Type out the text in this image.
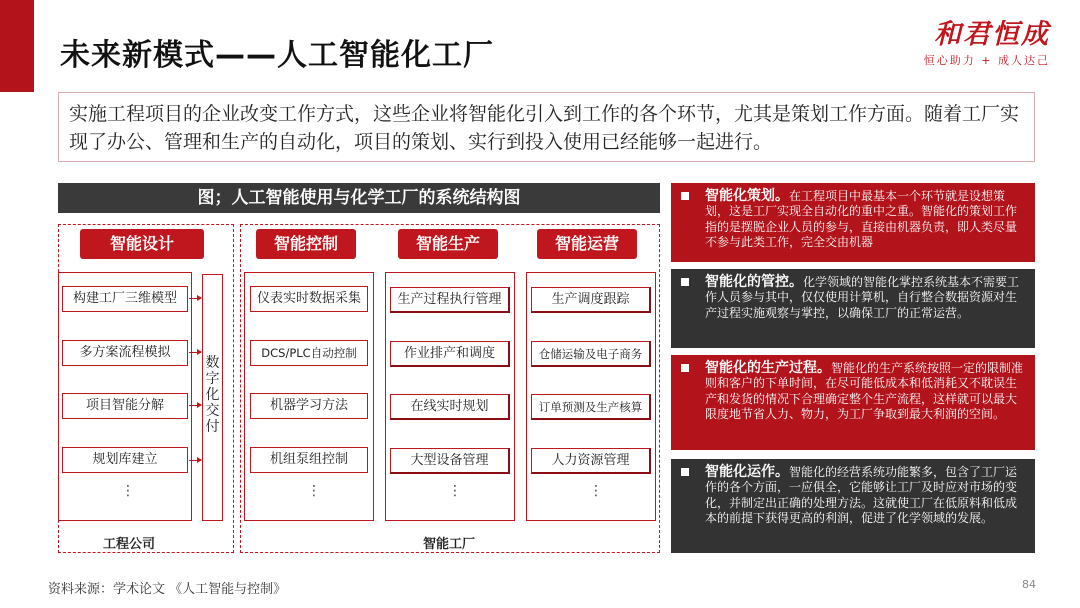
未来新模式——人工智能化工厂
和君恒成
恒心助力 + 成人达己
实施工程项目的企业改变工作方式，这些企业将智能化引入到工作的各个环节，尤其是策划工作方面。随着工厂实现了办公、管理和生产的自动化，项目的策划、实行到投入使用已经能够一起进行。
图；人工智能使用与化学工厂的系统结构图
智能设计	智能控制	智能生产	智能运营
构建工厂三维模型
多方案流程模拟
项目智能分解
规划库建立
⋮
数字化交付
仪表实时数据采集
DCS/PLC自动控制
机器学习方法
机组泵组控制
⋮
生产过程执行管理
作业排产和调度
在线实时规划
大型设备管理
⋮
生产调度跟踪
仓储运输及电子商务
订单预测及生产核算
人力资源管理
⋮
工程公司	智能工厂
智能化策划。在工程项目中最基本一个环节就是设想策划，这是工厂实现全自动化的重中之重。智能化的策划工作指的是摆脱企业人员的参与，直接由机器负责，即人类尽量不参与此类工作，完全交由机器
智能化的管控。化学领域的智能化掌控系统基本不需要工作人员参与其中，仅仅使用计算机，自行整合数据资源对生产过程实施观察与掌控，以确保工厂的正常运营。
智能化的生产过程。智能化的生产系统按照一定的限制准则和客户的下单时间，在尽可能低成本和低消耗又不耽误生产和发货的情况下合理确定整个生产流程，这样就可以最大限度地节省人力、物力，为工厂争取到最大利润的空间。
智能化运作。智能化的经营系统功能繁多，包含了工厂运作的各个方面，一应俱全，它能够让工厂及时应对市场的变化，并制定出正确的处理方法。这就使工厂在低原料和低成本的前提下获得更高的利润，促进了化学领域的发展。
资料来源：学术论文 《人工智能与控制》	84
